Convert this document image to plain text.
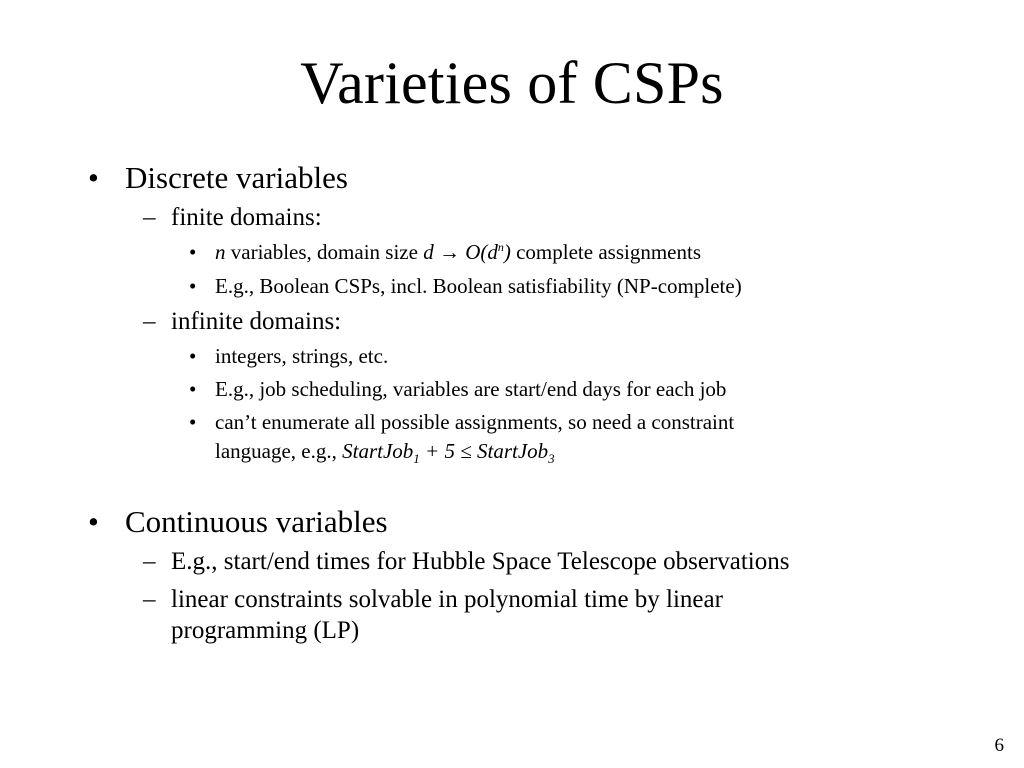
Varieties of CSPs
• Discrete variables
– finite domains:
• n variables, domain size $d \to O(d^n)$ complete assignments
• E.g., Boolean CSPs, incl. Boolean satisfiability (NP-complete)
– infinite domains:
• integers, strings, etc.
• E.g., job scheduling, variables are start/end days for each job
• can’t enumerate all possible assignments, so need a constraint
language, e.g., StartJob$_1$ + 5 ≤ StartJob$_3$
• Continuous variables
– E.g., start/end times for Hubble Space Telescope observations
– linear constraints solvable in polynomial time by linear
programming (LP)
6
